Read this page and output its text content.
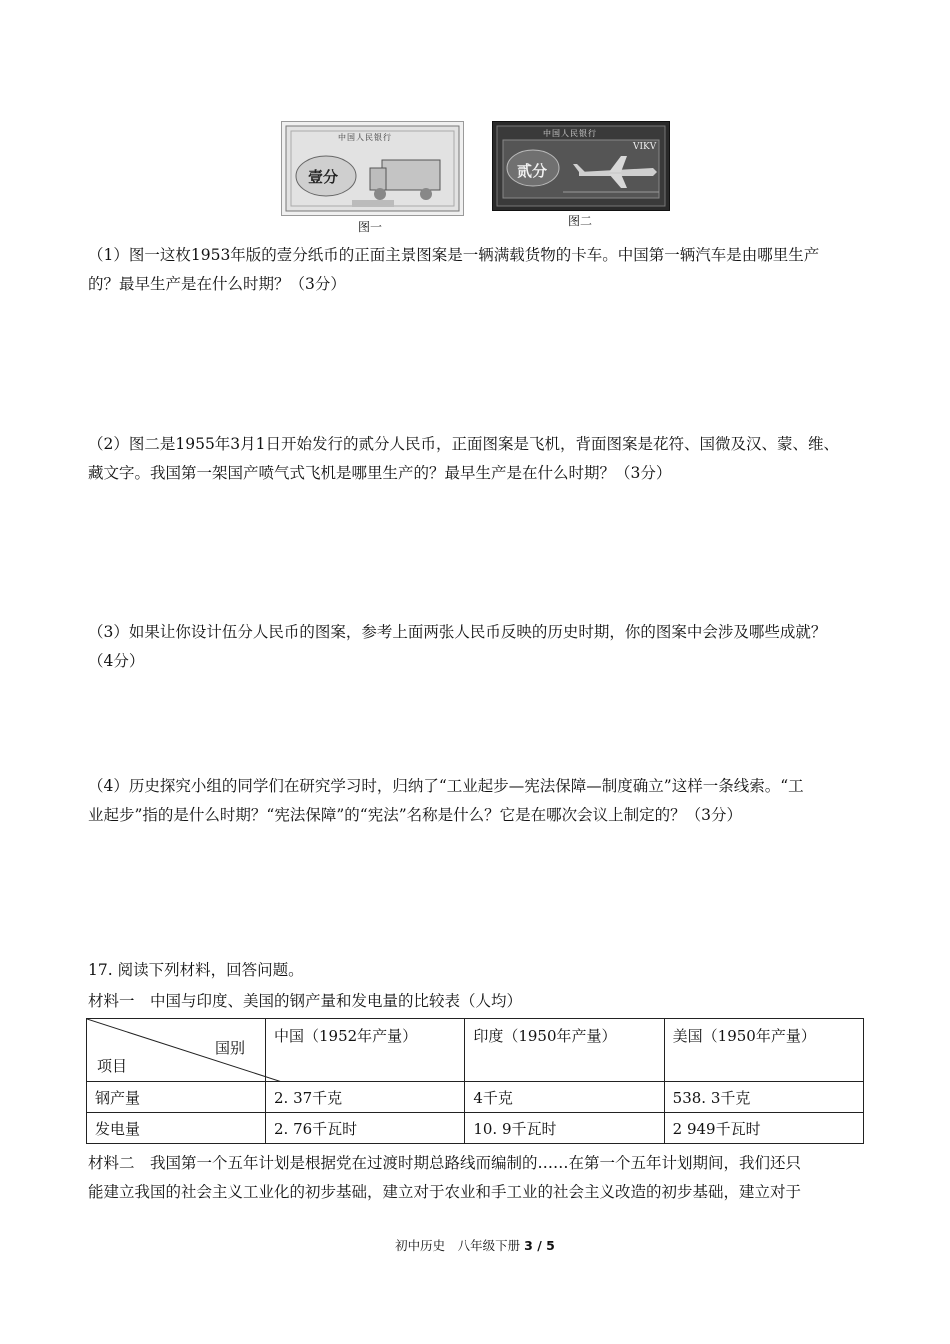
中国人民银行
壹分
图一
中国人民银行
贰分
VIKV
图二
（1）图一这枚1953年版的壹分纸币的正面主景图案是一辆满载货物的卡车。中国第一辆汽车是由哪里生产
的？最早生产是在什么时期？（3分）
（2）图二是1955年3月1日开始发行的贰分人民币，正面图案是飞机，背面图案是花符、国微及汉、蒙、维、
藏文字。我国第一架国产喷气式飞机是哪里生产的？最早生产是在什么时期？（3分）
（3）如果让你设计伍分人民币的图案，参考上面两张人民币反映的历史时期，你的图案中会涉及哪些成就？
（4分）
（4）历史探究小组的同学们在研究学习时，归纳了“工业起步—宪法保障—制度确立”这样一条线索。“工
业起步”指的是什么时期？“宪法保障”的“宪法”名称是什么？它是在哪次会议上制定的？（3分）
17. 阅读下列材料，回答问题。
材料一　中国与印度、美国的钢产量和发电量的比较表（人均）
国别
项目	中国（1952年产量）	印度（1950年产量）	美国（1950年产量）
钢产量	2. 37千克	4千克	538. 3千克
发电量	2. 76千瓦时	10. 9千瓦时	2 949千瓦时
材料二　我国第一个五年计划是根据党在过渡时期总路线而编制的……在第一个五年计划期间，我们还只
能建立我国的社会主义工业化的初步基础，建立对于农业和手工业的社会主义改造的初步基础，建立对于
初中历史　八年级下册 3 / 5
